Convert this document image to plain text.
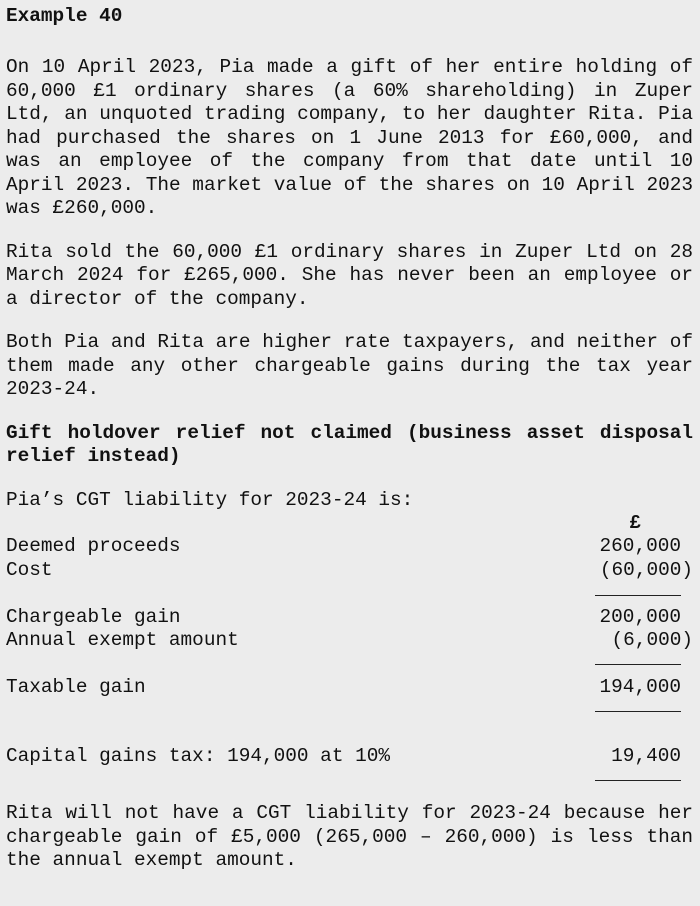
Example 40

On 10 April 2023, Pia made a gift of her entire holding of 60,000 £1 ordinary shares (a 60% shareholding) in Zuper Ltd, an unquoted trading company, to her daughter Rita. Pia had purchased the shares on 1 June 2013 for £60,000, and was an employee of the company from that date until 10 April 2023. The market value of the shares on 10 April 2023 was £260,000.

Rita sold the 60,000 £1 ordinary shares in Zuper Ltd on 28 March 2024 for £265,000. She has never been an employee or a director of the company.

Both Pia and Rita are higher rate taxpayers, and neither of them made any other chargeable gains during the tax year 2023-24.

Gift holdover relief not claimed (business asset disposal relief instead)

Pia’s CGT liability for 2023-24 is:

£
Deemed proceeds	260,000
Cost	(60,000)
Chargeable gain	200,000
Annual exempt amount	(6,000)
Taxable gain	194,000
Capital gains tax: 194,000 at 10%	19,400

Rita will not have a CGT liability for 2023-24 because her chargeable gain of £5,000 (265,000 – 260,000) is less than the annual exempt amount.
